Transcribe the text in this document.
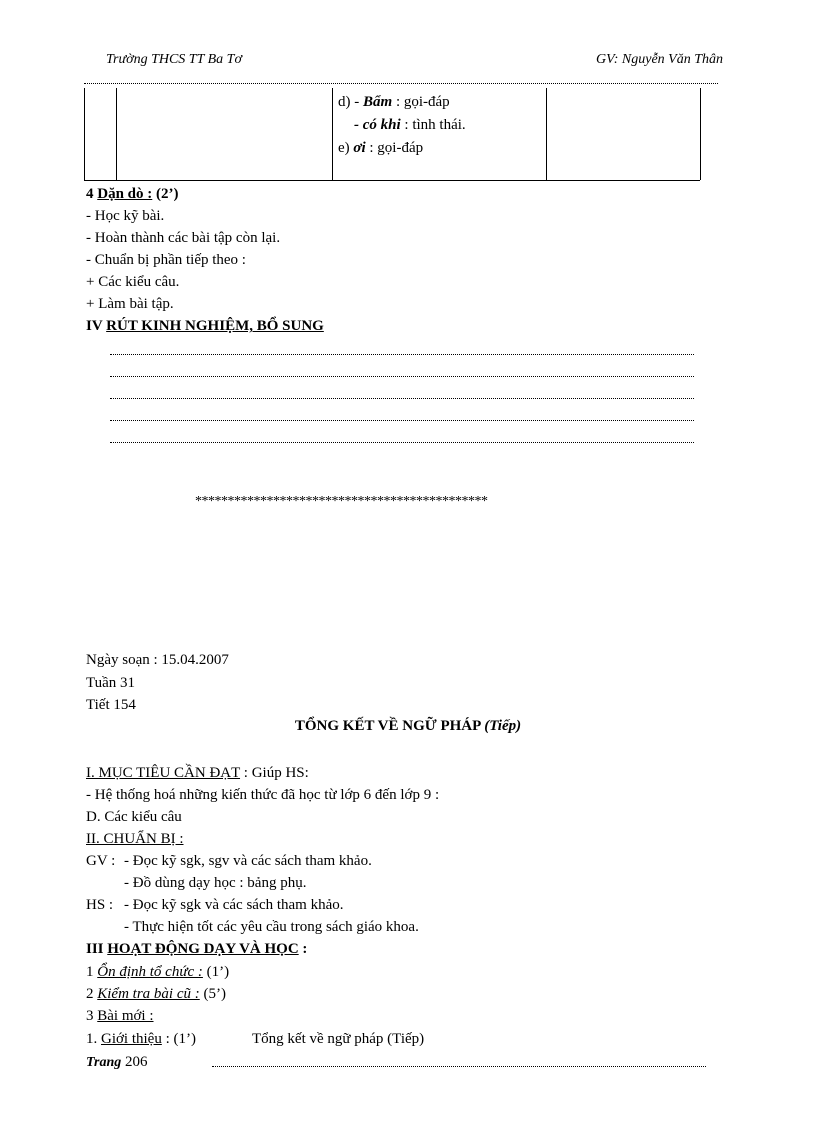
Trường THCS TT Ba Tơ	GV: Nguyễn Văn Thân
d) - Bẩm : gọi-đáp
- có khi : tình thái.
e) ơi : gọi-đáp
4 Dặn dò : (2’)
- Học kỹ bài.
- Hoàn thành các bài tập còn lại.
- Chuẩn bị phần tiếp theo :
+ Các kiểu câu.
+ Làm bài tập.
IV RÚT KINH NGHIỆM, BỔ SUNG
*********************************************
Ngày soạn : 15.04.2007
Tuần 31
Tiết 154
TỔNG KẾT VỀ NGỮ PHÁP (Tiếp)
I. MỤC TIÊU CẦN ĐẠT : Giúp HS:
- Hệ thống hoá những kiến thức đã học từ lớp 6 đến lớp 9 :
D. Các kiểu câu
II. CHUẨN BỊ :
GV : - Đọc kỹ sgk, sgv và các sách tham khảo.
- Đồ dùng dạy học : bảng phụ.
HS : - Đọc kỹ sgk và các sách tham khảo.
- Thực hiện tốt các yêu cầu trong sách giáo khoa.
III HOẠT ĐỘNG DẠY VÀ HỌC :
1 Ổn định tổ chức : (1’)
2 Kiểm tra bài cũ : (5’)
3 Bài mới :
1. Giới thiệu : (1’)	Tổng kết về ngữ pháp (Tiếp)
Trang 206
